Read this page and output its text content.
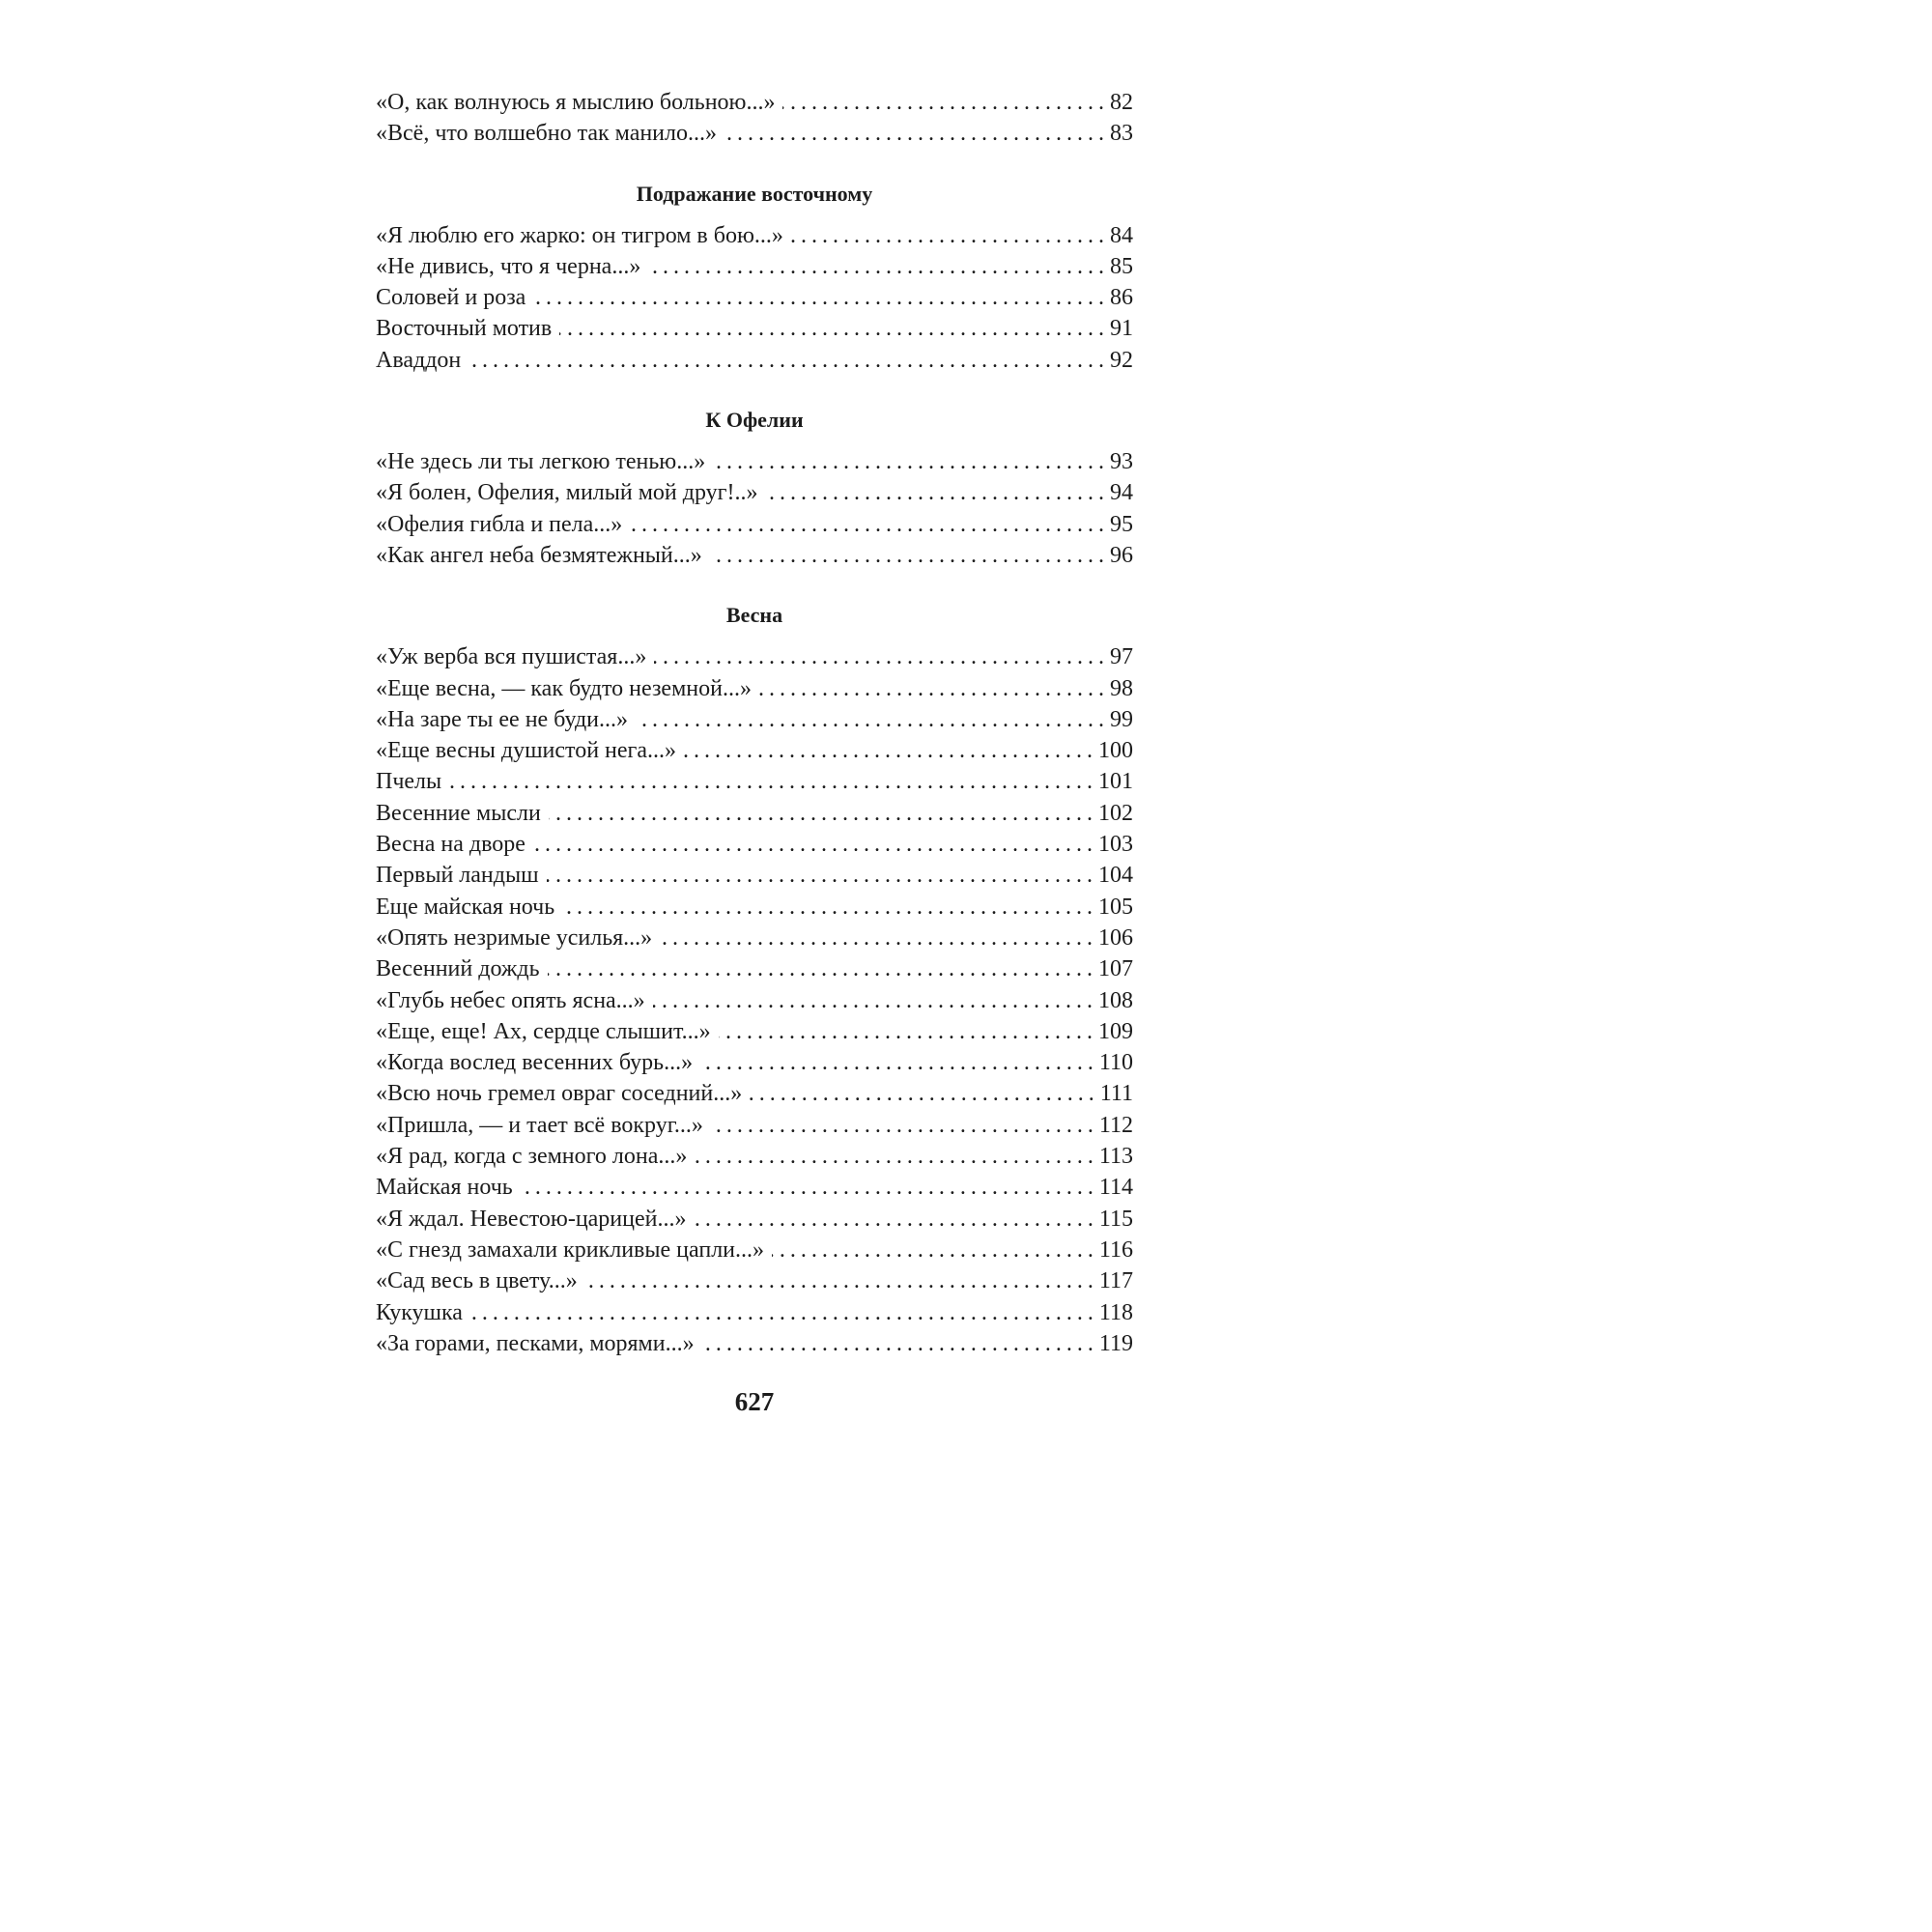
«О, как волнуюсь я мыслию больною...» . . .	82
«Всё, что волшебно так манило...» . . .	83
Подражание восточному
«Я люблю его жарко: он тигром в бою...» . . .	84
«Не дивись, что я черна...» . . .	85
Соловей и роза . . .	86
Восточный мотив . . .	91
Аваддон . . .	92
К Офелии
«Не здесь ли ты легкою тенью...» . . .	93
«Я болен, Офелия, милый мой друг!..» . . .	94
«Офелия гибла и пела...» . . .	95
«Как ангел неба безмятежный...» . . .	96
Весна
«Уж верба вся пушистая...» . . .	97
«Еще весна, — как будто неземной...» . . .	98
«На заре ты ее не буди...» . . .	99
«Еще весны душистой нега...» . . .	100
Пчелы . . .	101
Весенние мысли . . .	102
Весна на дворе . . .	103
Первый ландыш . . .	104
Еще майская ночь . . .	105
«Опять незримые усилья...» . . .	106
Весенний дождь . . .	107
«Глубь небес опять ясна...» . . .	108
«Еще, еще! Ах, сердце слышит...» . . .	109
«Когда вослед весенних бурь...» . . .	110
«Всю ночь гремел овраг соседний...» . . .	111
«Пришла, — и тает всё вокруг...» . . .	112
«Я рад, когда с земного лона...» . . .	113
Майская ночь . . .	114
«Я ждал. Невестою-царицей...» . . .	115
«С гнезд замахали крикливые цапли...» . . .	116
«Сад весь в цвету...» . . .	117
Кукушка . . .	118
«За горами, песками, морями...» . . .	119
627
